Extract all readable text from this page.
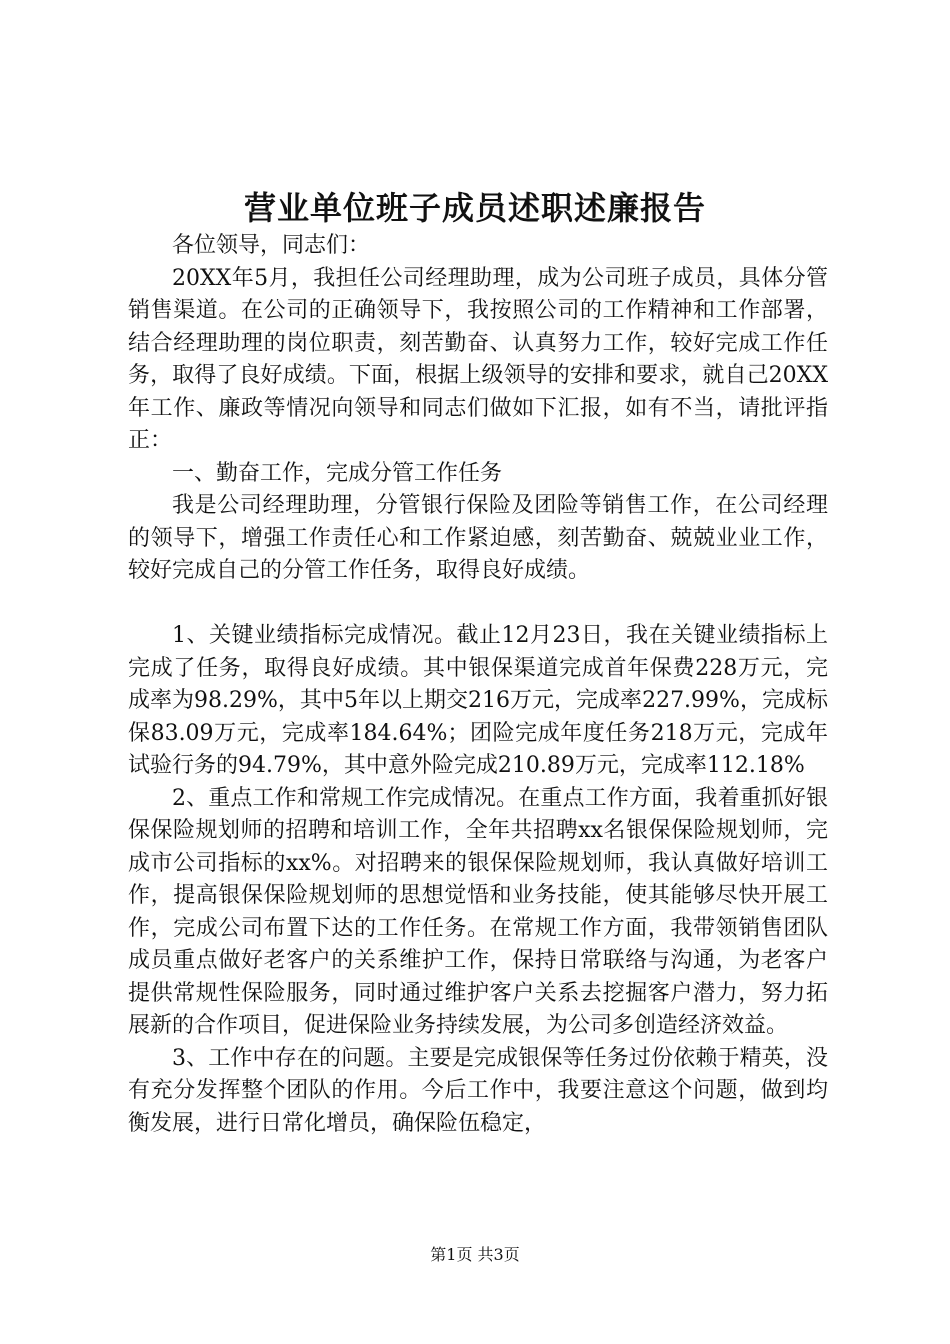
营业单位班子成员述职述廉报告

各位领导，同志们：

20XX年5月，我担任公司经理助理，成为公司班子成员，具体分管销售渠道。在公司的正确领导下，我按照公司的工作精神和工作部署，结合经理助理的岗位职责，刻苦勤奋、认真努力工作，较好完成工作任务，取得了良好成绩。下面，根据上级领导的安排和要求，就自己20XX年工作、廉政等情况向领导和同志们做如下汇报，如有不当，请批评指正：

一、勤奋工作，完成分管工作任务

我是公司经理助理，分管银行保险及团险等销售工作，在公司经理的领导下，增强工作责任心和工作紧迫感，刻苦勤奋、兢兢业业工作，较好完成自己的分管工作任务，取得良好成绩。

1、关键业绩指标完成情况。截止12月23日，我在关键业绩指标上完成了任务，取得良好成绩。其中银保渠道完成首年保费228万元，完成率为98.29%，其中5年以上期交216万元，完成率227.99%，完成标保83.09万元，完成率184.64%；团险完成年度任务218万元，完成年试验行务的94.79%，其中意外险完成210.89万元，完成率112.18%

2、重点工作和常规工作完成情况。在重点工作方面，我着重抓好银保保险规划师的招聘和培训工作，全年共招聘xx名银保保险规划师，完成市公司指标的xx%。对招聘来的银保保险规划师，我认真做好培训工作，提高银保保险规划师的思想觉悟和业务技能，使其能够尽快开展工作，完成公司布置下达的工作任务。在常规工作方面，我带领销售团队成员重点做好老客户的关系维护工作，保持日常联络与沟通，为老客户提供常规性保险服务，同时通过维护客户关系去挖掘客户潜力，努力拓展新的合作项目，促进保险业务持续发展，为公司多创造经济效益。

3、工作中存在的问题。主要是完成银保等任务过份依赖于精英，没有充分发挥整个团队的作用。今后工作中，我要注意这个问题，做到均衡发展，进行日常化增员，确保险伍稳定，

第1页 共3页
